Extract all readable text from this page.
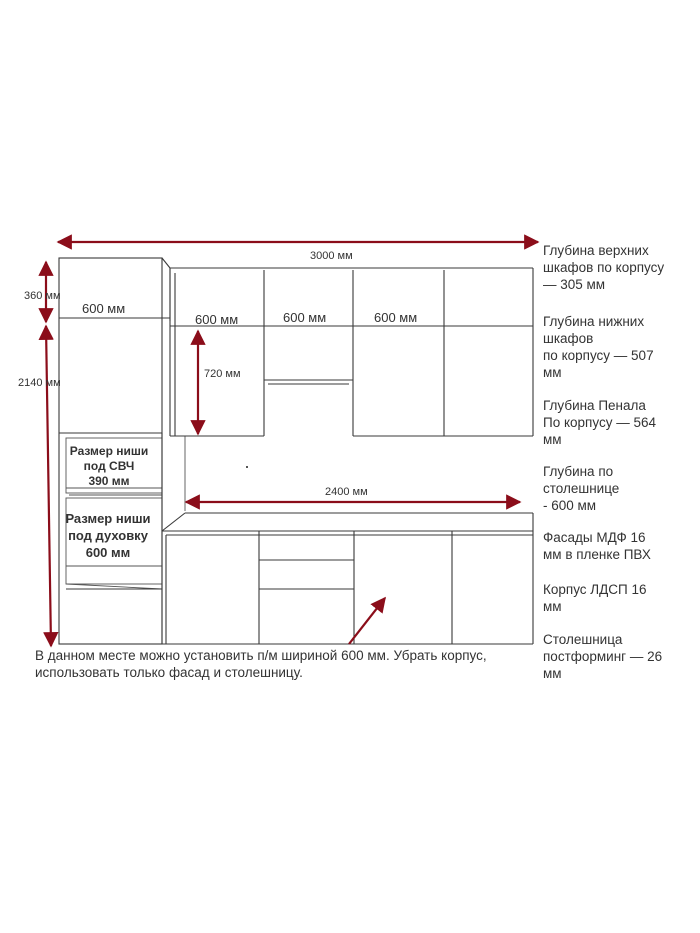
3000 мм
360 мм
2140 мм
600 мм
600 мм	600 мм	600 мм
720 мм
2400 мм
Размер ниши
под СВЧ
390 мм
Размер ниши
под духовку
600 мм
Глубина верхних
шкафов по корпусу
— 305 мм
Глубина нижних
шкафов
по корпусу — 507
мм
Глубина Пенала
По корпусу — 564
мм
Глубина по
столешнице
- 600 мм
Фасады МДФ 16
мм в пленке ПВХ
Корпус ЛДСП 16
мм
Столешница
постформинг — 26
мм
В данном месте можно установить п/м шириной 600 мм. Убрать корпус,
использовать только фасад и столешницу.
